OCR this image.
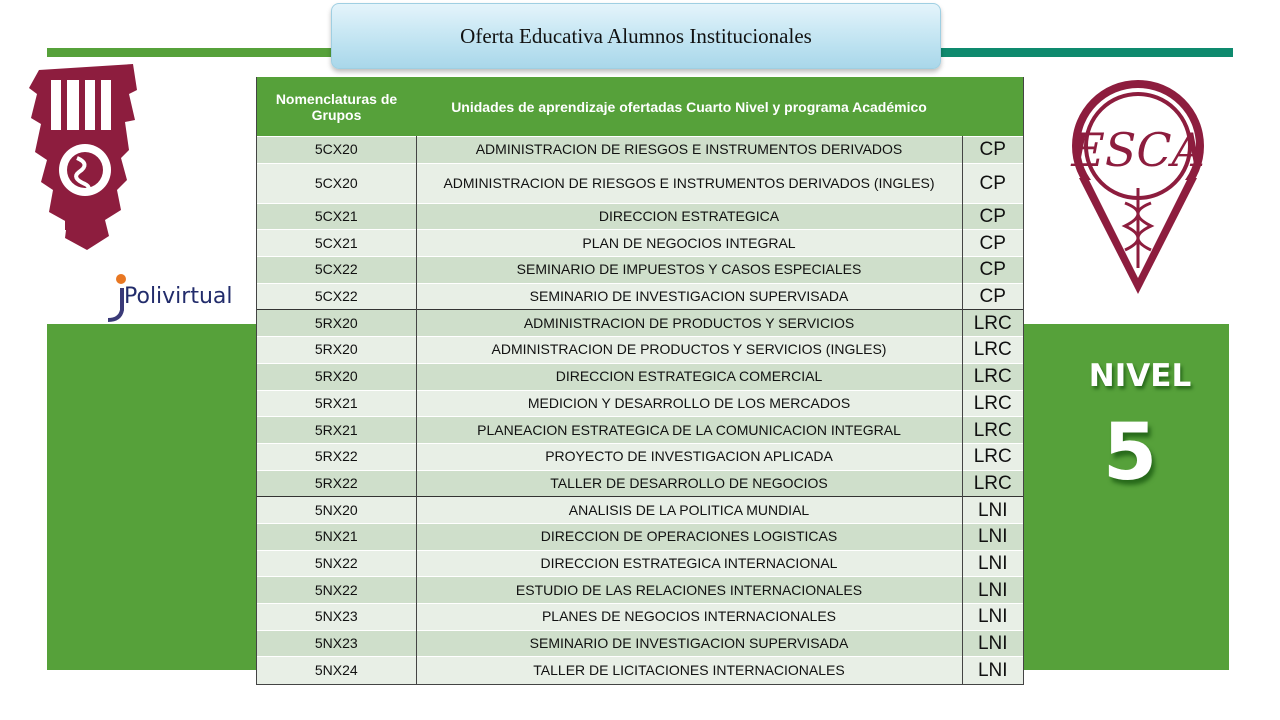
Oferta Educativa Alumnos Institucionales
Polivirtual
ESCA
NIVEL
5
Nomenclaturas de Grupos	Unidades de aprendizaje ofertadas Cuarto Nivel y programa Académico	
5CX20	ADMINISTRACION DE RIESGOS E INSTRUMENTOS DERIVADOS	CP
5CX20	ADMINISTRACION DE RIESGOS E INSTRUMENTOS DERIVADOS (INGLES)	CP
5CX21	DIRECCION ESTRATEGICA	CP
5CX21	PLAN DE NEGOCIOS INTEGRAL	CP
5CX22	SEMINARIO DE IMPUESTOS Y CASOS ESPECIALES	CP
5CX22	SEMINARIO DE INVESTIGACION SUPERVISADA	CP
5RX20	ADMINISTRACION DE PRODUCTOS Y SERVICIOS	LRC
5RX20	ADMINISTRACION DE PRODUCTOS Y SERVICIOS (INGLES)	LRC
5RX20	DIRECCION ESTRATEGICA COMERCIAL	LRC
5RX21	MEDICION Y DESARROLLO DE LOS MERCADOS	LRC
5RX21	PLANEACION ESTRATEGICA DE LA COMUNICACION INTEGRAL	LRC
5RX22	PROYECTO DE INVESTIGACION APLICADA	LRC
5RX22	TALLER DE DESARROLLO DE NEGOCIOS	LRC
5NX20	ANALISIS DE LA POLITICA MUNDIAL	LNI
5NX21	DIRECCION DE OPERACIONES LOGISTICAS	LNI
5NX22	DIRECCION ESTRATEGICA INTERNACIONAL	LNI
5NX22	ESTUDIO DE LAS RELACIONES INTERNACIONALES	LNI
5NX23	PLANES DE NEGOCIOS INTERNACIONALES	LNI
5NX23	SEMINARIO DE INVESTIGACION SUPERVISADA	LNI
5NX24	TALLER DE LICITACIONES INTERNACIONALES	LNI
